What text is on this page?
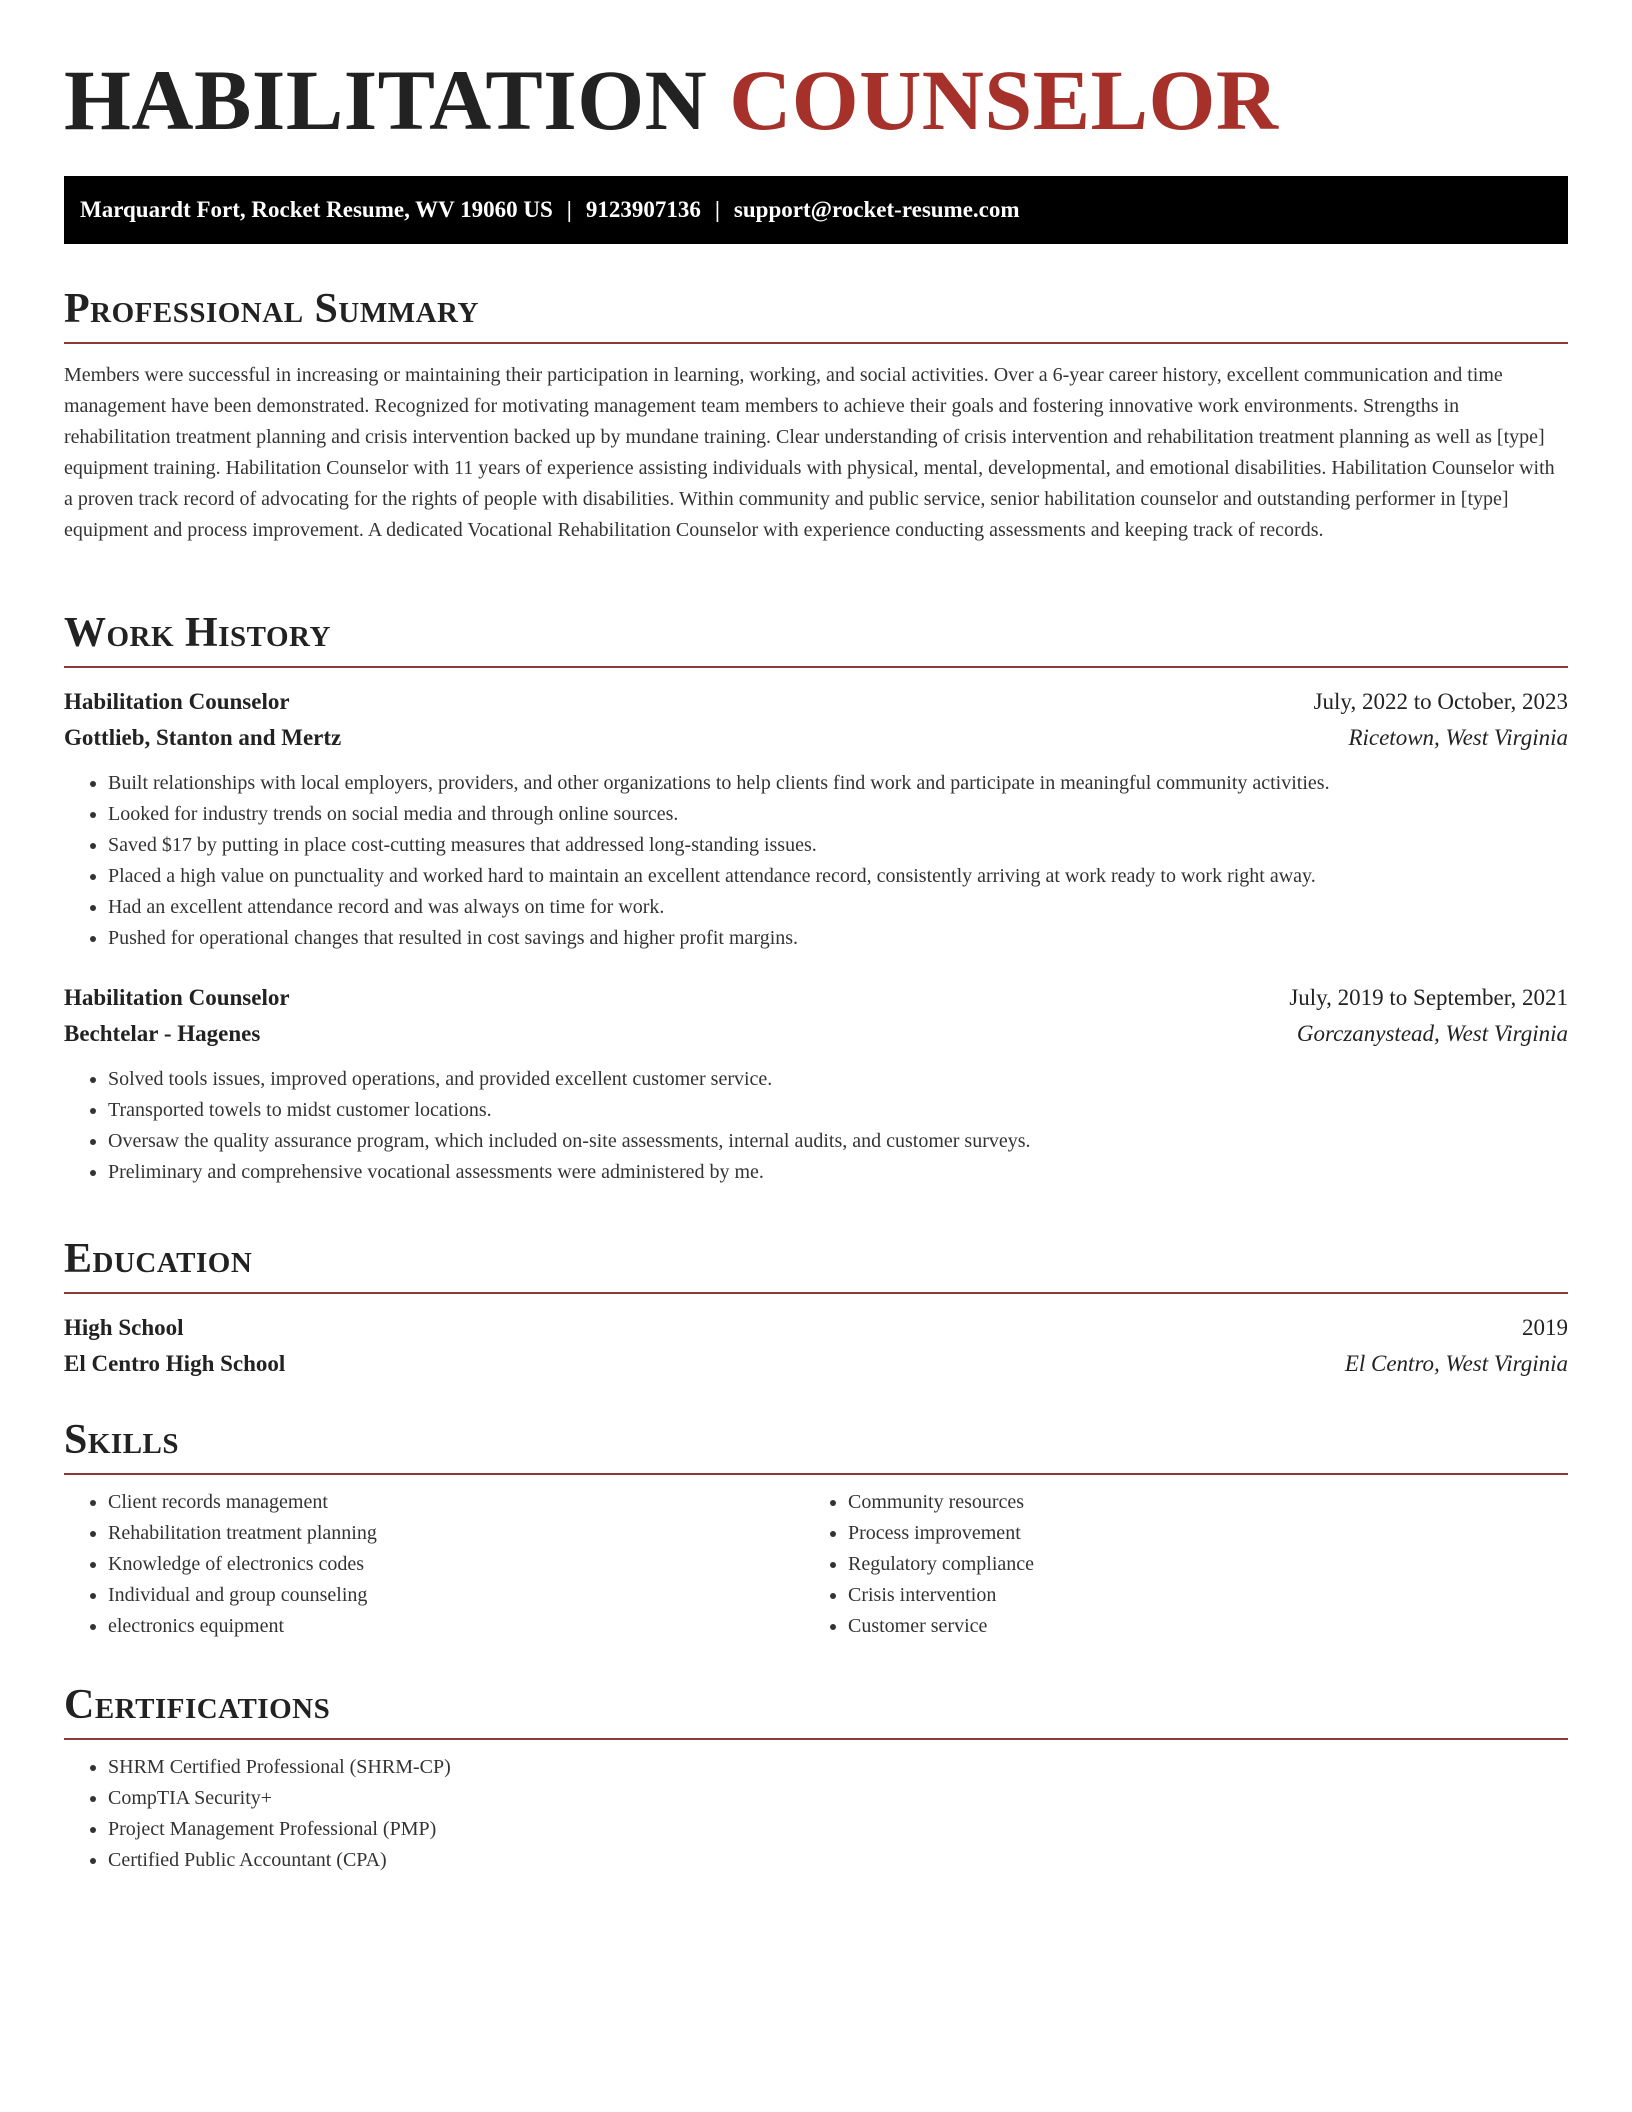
HABILITATION COUNSELOR
Marquardt Fort, Rocket Resume, WV 19060 US | 9123907136 | support@rocket-resume.com
Professional Summary

Members were successful in increasing or maintaining their participation in learning, working, and social activities. Over a 6-year career history, excellent communication and time management have been demonstrated. Recognized for motivating management team members to achieve their goals and fostering innovative work environments. Strengths in rehabilitation treatment planning and crisis intervention backed up by mundane training. Clear understanding of crisis intervention and rehabilitation treatment planning as well as [type] equipment training. Habilitation Counselor with 11 years of experience assisting individuals with physical, mental, developmental, and emotional disabilities. Habilitation Counselor with a proven track record of advocating for the rights of people with disabilities. Within community and public service, senior habilitation counselor and outstanding performer in [type] equipment and process improvement. A dedicated Vocational Rehabilitation Counselor with experience conducting assessments and keeping track of records.

Work History
Habilitation Counselor	July, 2022 to October, 2023
Gottlieb, Stanton and Mertz	Ricetown, West Virginia
• Built relationships with local employers, providers, and other organizations to help clients find work and participate in meaningful community activities.
• Looked for industry trends on social media and through online sources.
• Saved $17 by putting in place cost-cutting measures that addressed long-standing issues.
• Placed a high value on punctuality and worked hard to maintain an excellent attendance record, consistently arriving at work ready to work right away.
• Had an excellent attendance record and was always on time for work.
• Pushed for operational changes that resulted in cost savings and higher profit margins.
Habilitation Counselor	July, 2019 to September, 2021
Bechtelar - Hagenes	Gorczanystead, West Virginia
• Solved tools issues, improved operations, and provided excellent customer service.
• Transported towels to midst customer locations.
• Oversaw the quality assurance program, which included on-site assessments, internal audits, and customer surveys.
• Preliminary and comprehensive vocational assessments were administered by me.
Education
High School	2019
El Centro High School	El Centro, West Virginia
Skills
• Client records management
• Rehabilitation treatment planning
• Knowledge of electronics codes
• Individual and group counseling
• electronics equipment
• Community resources
• Process improvement
• Regulatory compliance
• Crisis intervention
• Customer service
Certifications
• SHRM Certified Professional (SHRM-CP)
• CompTIA Security+
• Project Management Professional (PMP)
• Certified Public Accountant (CPA)
